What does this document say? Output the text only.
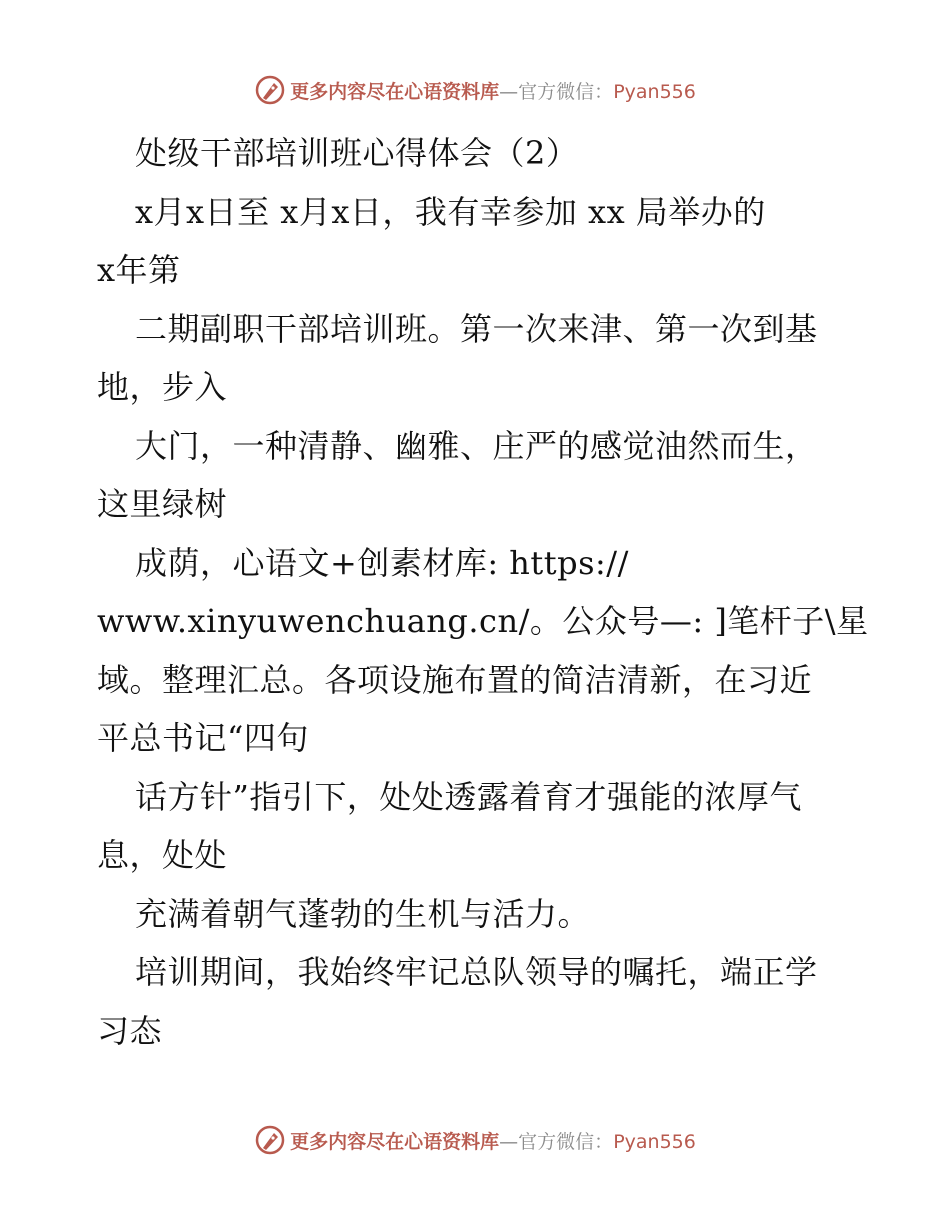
更多内容尽在心语资料库—官方微信：Pyan556
处级干部培训班心得体会（2）
x月x日至 x月x日，我有幸参加 xx 局举办的
x年第
二期副职干部培训班。第一次来津、第一次到基
地，步入
大门，一种清静、幽雅、庄严的感觉油然而生，
这里绿树
成荫，心语文+创素材库: https://
www.xinyuwenchuang.cn/。公众号—: ]笔杆子\星
域。整理汇总。各项设施布置的简洁清新，在习近
平总书记“四句
话方针”指引下，处处透露着育才强能的浓厚气
息，处处
充满着朝气蓬勃的生机与活力。
培训期间，我始终牢记总队领导的嘱托，端正学
习态
更多内容尽在心语资料库—官方微信：Pyan556
